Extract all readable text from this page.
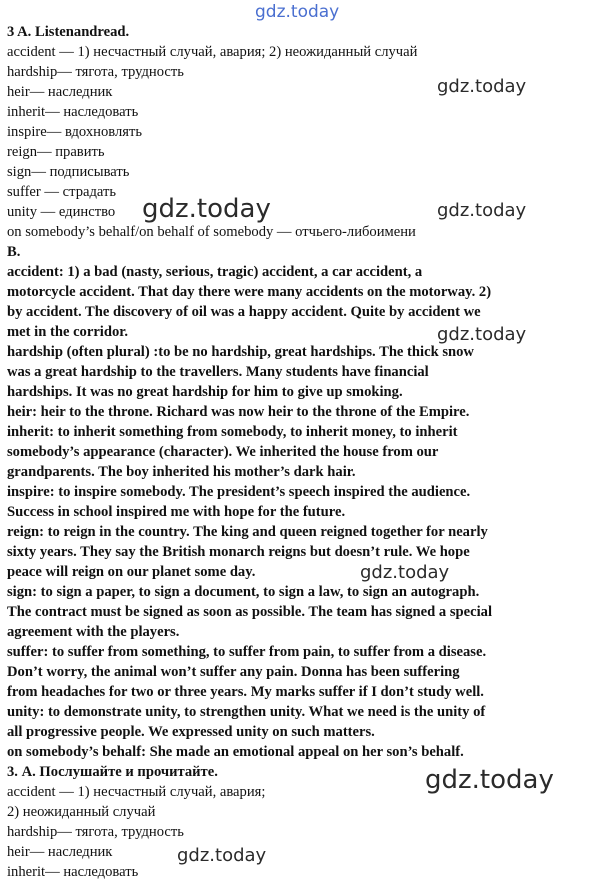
3 A. Listenandread.
accident — 1) несчастный случай, авария; 2) неожиданный случай
hardship— тягота, трудность
heir— наследник
inherit— наследовать
inspire— вдохновлять
reign— править
sign— подписывать
suffer — страдать
unity — единство
on somebody’s behalf/on behalf of somebody — отчьего-либоимени
B.
accident: 1) a bad (nasty, serious, tragic) accident, a car accident, a
motorcycle accident. That day there were many accidents on the motorway. 2)
by accident. The discovery of oil was a happy accident. Quite by accident we
met in the corridor.
hardship (often plural) :to be no hardship, great hardships. The thick snow
was a great hardship to the travellers. Many students have financial
hardships. It was no great hardship for him to give up smoking.
heir: heir to the throne. Richard was now heir to the throne of the Empire.
inherit: to inherit something from somebody, to inherit money, to inherit
somebody’s appearance (character). We inherited the house from our
grandparents. The boy inherited his mother’s dark hair.
inspire: to inspire somebody. The president’s speech inspired the audience.
Success in school inspired me with hope for the future.
reign: to reign in the country. The king and queen reigned together for nearly
sixty years. They say the British monarch reigns but doesn’t rule. We hope
peace will reign on our planet some day.
sign: to sign a paper, to sign a document, to sign a law, to sign an autograph.
The contract must be signed as soon as possible. The team has signed a special
agreement with the players.
suffer: to suffer from something, to suffer from pain, to suffer from a disease.
Don’t worry, the animal won’t suffer any pain. Donna has been suffering
from headaches for two or three years. My marks suffer if I don’t study well.
unity: to demonstrate unity, to strengthen unity. What we need is the unity of
all progressive people. We expressed unity on such matters.
on somebody’s behalf: She made an emotional appeal on her son’s behalf.
3. А. Послушайте и прочитайте.
accident — 1) несчастный случай, авария;
2) неожиданный случай
hardship— тягота, трудность
heir— наследник
inherit— наследовать
gdz.today
gdz.today
gdz.today	gdz.today
gdz.today
gdz.today
gdz.today
gdz.today
